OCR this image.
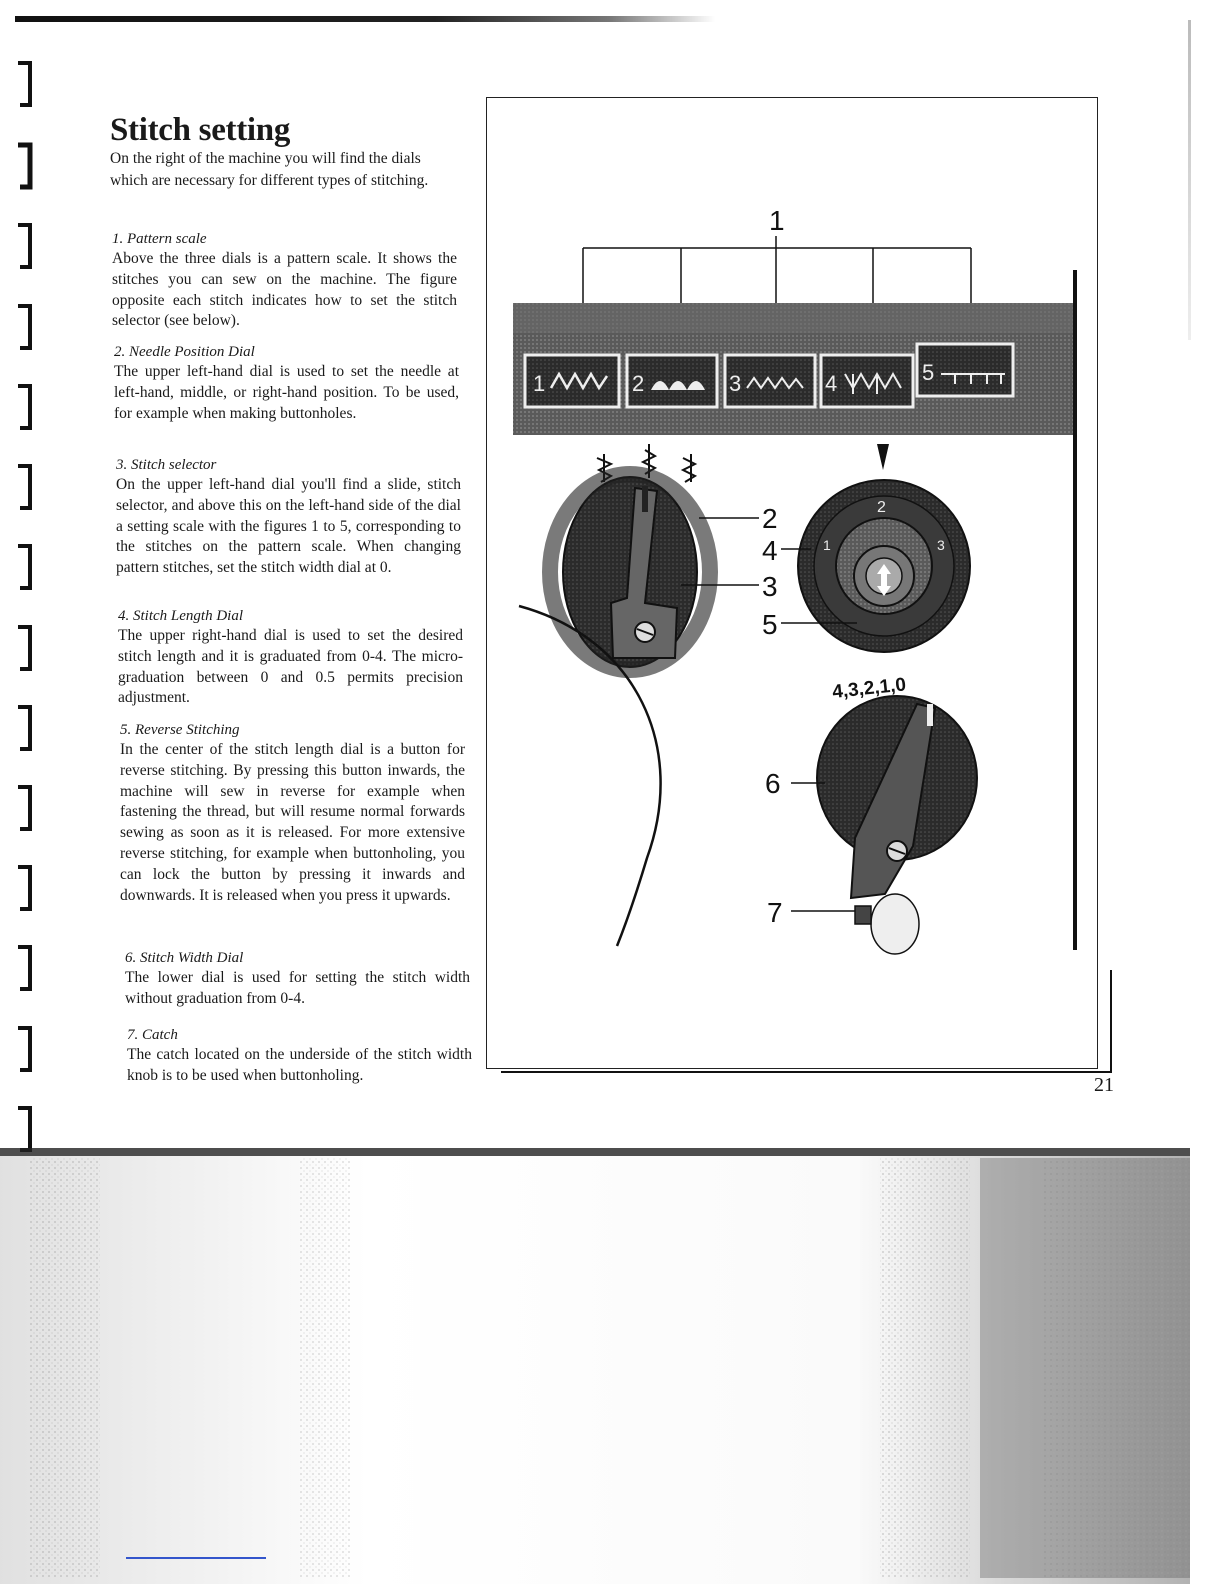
Stitch setting

On the right of the machine you will find the dials which are necessary for different types of stitching.

1. Pattern scale

Above the three dials is a pattern scale. It shows the stitches you can sew on the machine. The figure opposite each stitch indicates how to set the stitch selector (see below).

2. Needle Position Dial

The upper left-hand dial is used to set the needle at left-hand, middle, or right-hand position. To be used, for example when making buttonholes.

3. Stitch selector

On the upper left-hand dial you'll find a slide, stitch selector, and above this on the left-hand side of the dial a setting scale with the figures 1 to 5, corresponding to the stitches on the pattern scale. When changing pattern stitches, set the stitch width dial at 0.

4. Stitch Length Dial

The upper right-hand dial is used to set the desired stitch length and it is graduated from 0-4. The micro-graduation between 0 and 0.5 permits precision adjustment.

5. Reverse Stitching

In the center of the stitch length dial is a button for reverse stitching. By pressing this button inwards, the machine will sew in reverse for example when fastening the thread, but will resume normal forwards sewing as soon as it is released. For more extensive reverse stitching, for example when buttonholing, you can lock the button by pressing it inwards and downwards. It is released when you press it upwards.

6. Stitch Width Dial

The lower dial is used for setting the stitch width without graduation from 0-4.

7. Catch

The catch located on the underside of the stitch width knob is to be used when buttonholing.

1
1	2	3	4	5
2
3
2
1	3
4
5
4,3,2,1,0
6
7
21
